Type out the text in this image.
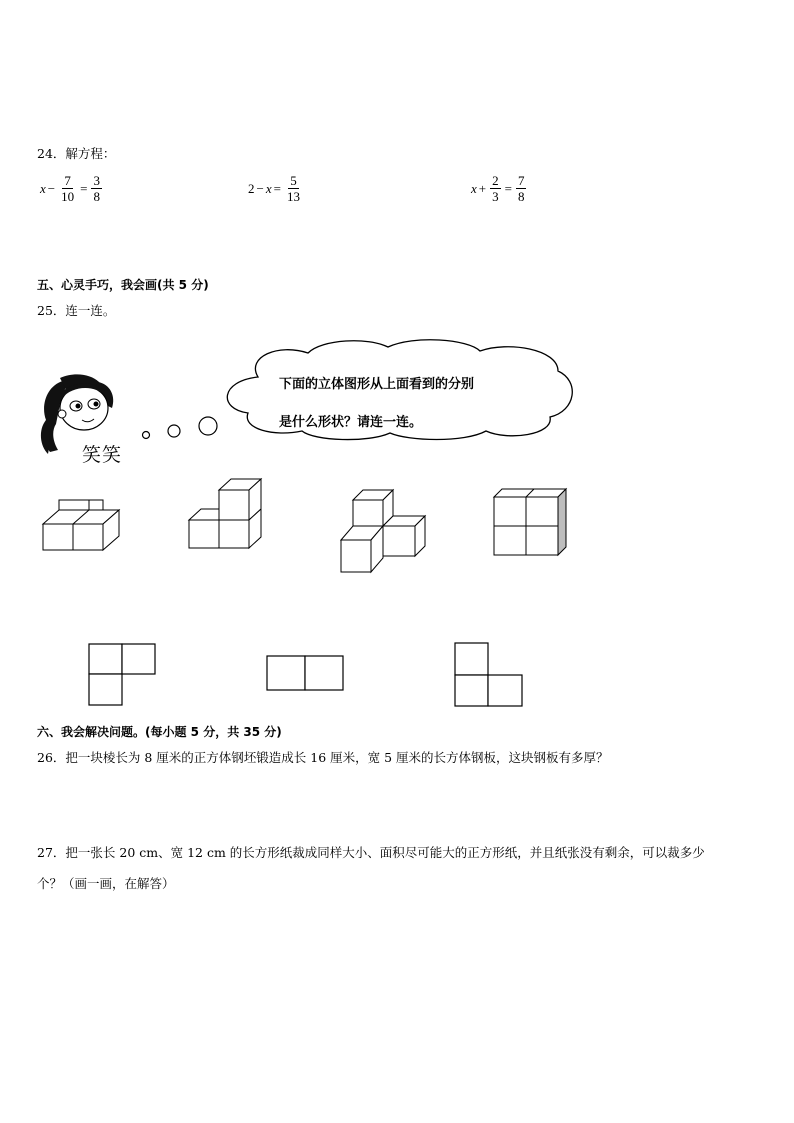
24．解方程：
$x - \frac{7}{10} = \frac{3}{8}$	$2 - x = \frac{5}{13}$	$x + \frac{2}{3} = \frac{7}{8}$
五、心灵手巧，我会画(共 5 分)
25．连一连。
笑笑
下面的立体图形从上面看到的分别
是什么形状？请连一连。
六、我会解决问题。(每小题 5 分，共 35 分)
26．把一块棱长为 8 厘米的正方体钢坯锻造成长 16 厘米，宽 5 厘米的长方体钢板，这块钢板有多厚？
27．把一张长 20 cm、宽 12 cm 的长方形纸裁成同样大小、面积尽可能大的正方形纸，并且纸张没有剩余，可以裁多少
个？（画一画，在解答）
